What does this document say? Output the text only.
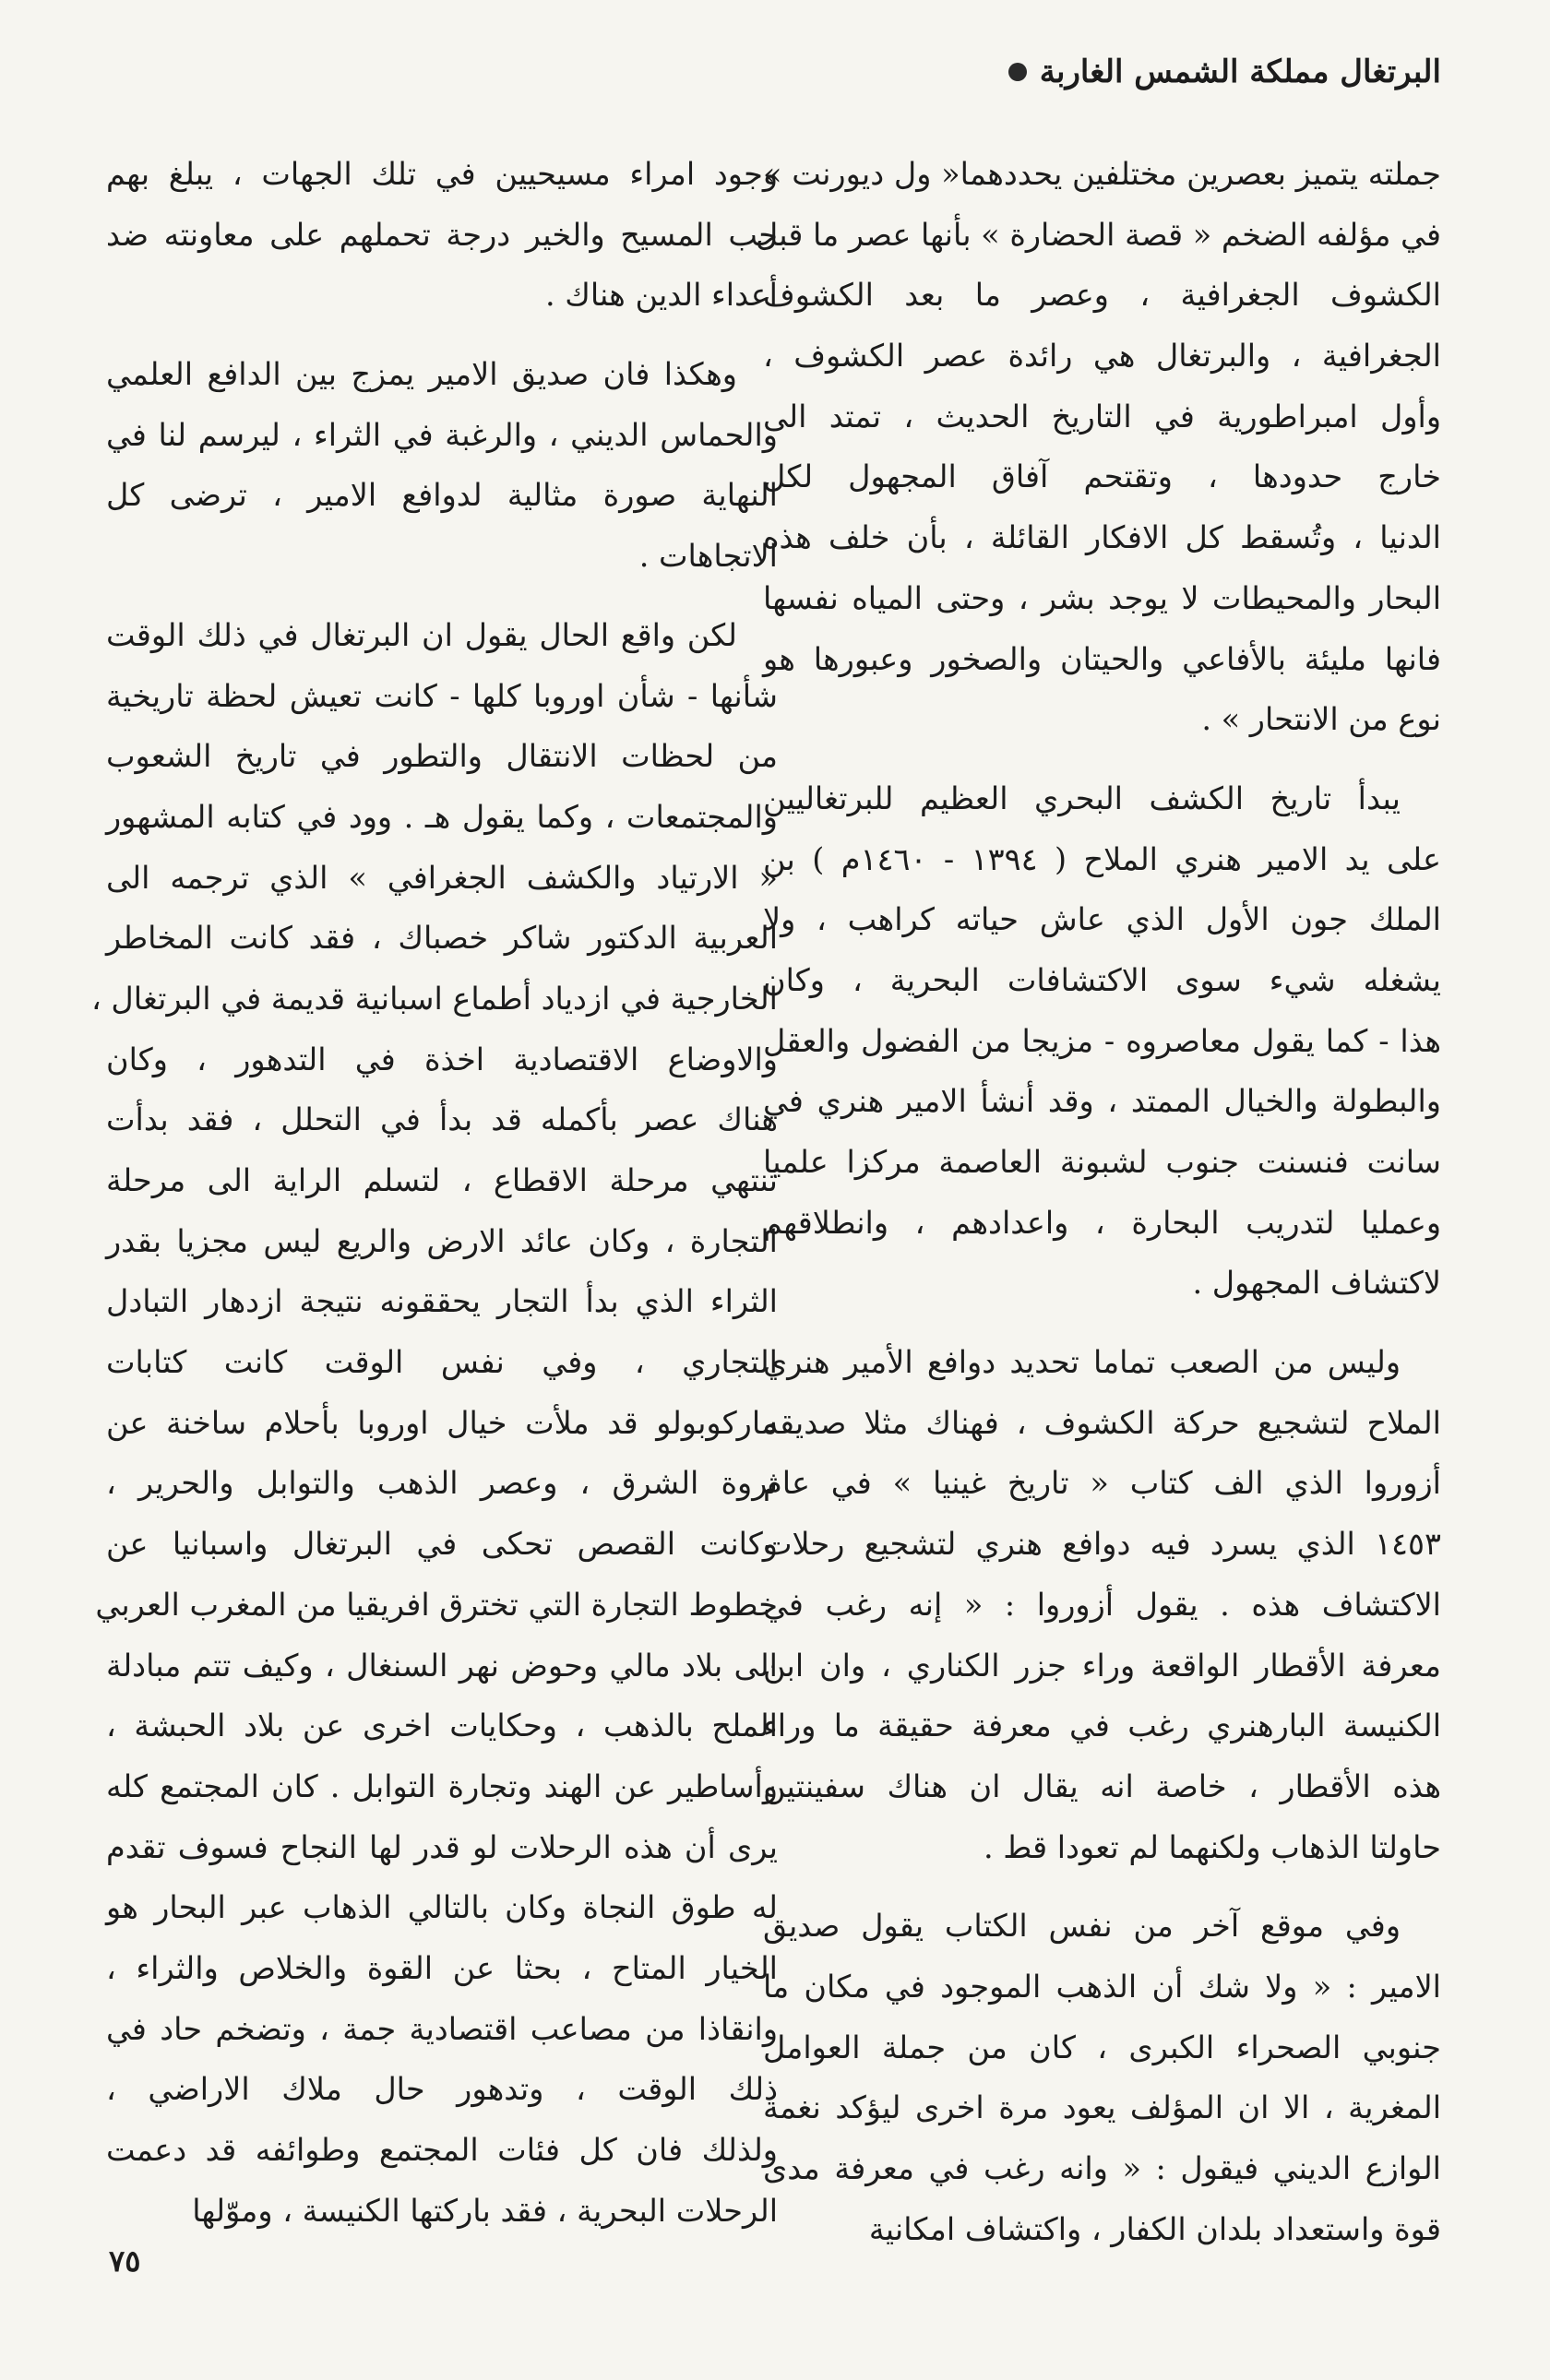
البرتغال مملكة الشمس الغاربة
جملته يتميز بعصرين مختلفين يحددهما« ول ديورنت »
في مؤلفه الضخم « قصة الحضارة » بأنها عصر ما قبل
الكشوف الجغرافية ، وعصر ما بعد الكشوف
الجغرافية ، والبرتغال هي رائدة عصر الكشوف ،
وأول امبراطورية في التاريخ الحديث ، تمتد الى
خارج حدودها ، وتقتحم آفاق المجهول لكل
الدنيا ، وتُسقط كل الافكار القائلة ، بأن خلف هذه
البحار والمحيطات لا يوجد بشر ، وحتى المياه نفسها
فانها مليئة بالأفاعي والحيتان والصخور وعبورها هو
نوع من الانتحار » .
يبدأ تاريخ الكشف البحري العظيم للبرتغاليين
على يد الامير هنري الملاح ( ١٣٩٤ - ١٤٦٠م ) بن
الملك جون الأول الذي عاش حياته كراهب ، ولا
يشغله شيء سوى الاكتشافات البحرية ، وكان
هذا - كما يقول معاصروه - مزيجا من الفضول والعقل
والبطولة والخيال الممتد ، وقد أنشأ الامير هنري في
سانت فنسنت جنوب لشبونة العاصمة مركزا علميا
وعمليا لتدريب البحارة ، واعدادهم ، وانطلاقهم
لاكتشاف المجهول .
وليس من الصعب تماما تحديد دوافع الأمير هنري
الملاح لتشجيع حركة الكشوف ، فهناك مثلا صديقه
أزوروا الذي الف كتاب « تاريخ غينيا » في عام
١٤٥٣ الذي يسرد فيه دوافع هنري لتشجيع رحلات
الاكتشاف هذه . يقول أزوروا : « إنه رغب في
معرفة الأقطار الواقعة وراء جزر الكناري ، وان ابن
الكنيسة البارهنري رغب في معرفة حقيقة ما وراء
هذه الأقطار ، خاصة انه يقال ان هناك سفينتين
حاولتا الذهاب ولكنهما لم تعودا قط .
وفي موقع آخر من نفس الكتاب يقول صديق
الامير : « ولا شك أن الذهب الموجود في مكان ما
جنوبي الصحراء الكبرى ، كان من جملة العوامل
المغرية ، الا ان المؤلف يعود مرة اخرى ليؤكد نغمة
الوازع الديني فيقول : « وانه رغب في معرفة مدى
قوة واستعداد بلدان الكفار ، واكتشاف امكانية
وجود امراء مسيحيين في تلك الجهات ، يبلغ بهم
حب المسيح والخير درجة تحملهم على معاونته ضد
أعداء الدين هناك .
وهكذا فان صديق الامير يمزج بين الدافع العلمي
والحماس الديني ، والرغبة في الثراء ، ليرسم لنا في
النهاية صورة مثالية لدوافع الامير ، ترضى كل
الاتجاهات .
لكن واقع الحال يقول ان البرتغال في ذلك الوقت
شأنها - شأن اوروبا كلها - كانت تعيش لحظة تاريخية
من لحظات الانتقال والتطور في تاريخ الشعوب
والمجتمعات ، وكما يقول هـ . وود في كتابه المشهور
« الارتياد والكشف الجغرافي » الذي ترجمه الى
العربية الدكتور شاكر خصباك ، فقد كانت المخاطر
الخارجية في ازدياد أطماع اسبانية قديمة في البرتغال ،
والاوضاع الاقتصادية اخذة في التدهور ، وكان
هناك عصر بأكمله قد بدأ في التحلل ، فقد بدأت
تنتهي مرحلة الاقطاع ، لتسلم الراية الى مرحلة
التجارة ، وكان عائد الارض والريع ليس مجزيا بقدر
الثراء الذي بدأ التجار يحققونه نتيجة ازدهار التبادل
التجاري ، وفي نفس الوقت كانت كتابات
ماركوبولو قد ملأت خيال اوروبا بأحلام ساخنة عن
ثروة الشرق ، وعصر الذهب والتوابل والحرير ،
وكانت القصص تحكى في البرتغال واسبانيا عن
خطوط التجارة التي تخترق افريقيا من المغرب العربي
الى بلاد مالي وحوض نهر السنغال ، وكيف تتم مبادلة
الملح بالذهب ، وحكايات اخرى عن بلاد الحبشة ،
وأساطير عن الهند وتجارة التوابل . كان المجتمع كله
يرى أن هذه الرحلات لو قدر لها النجاح فسوف تقدم
له طوق النجاة وكان بالتالي الذهاب عبر البحار هو
الخيار المتاح ، بحثا عن القوة والخلاص والثراء ،
وانقاذا من مصاعب اقتصادية جمة ، وتضخم حاد في
ذلك الوقت ، وتدهور حال ملاك الاراضي ،
ولذلك فان كل فئات المجتمع وطوائفه قد دعمت
الرحلات البحرية ، فقد باركتها الكنيسة ، وموّلها
٧٥
